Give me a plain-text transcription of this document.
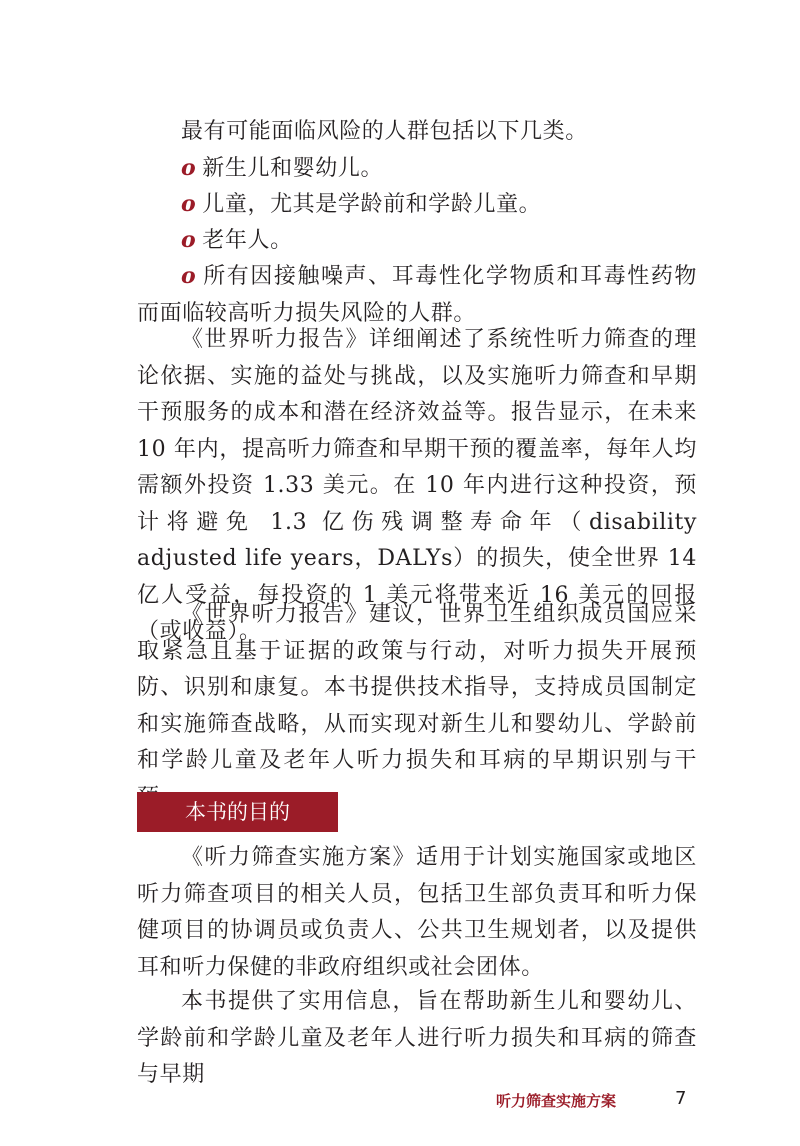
最有可能面临风险的人群包括以下几类。

o 新生儿和婴幼儿。

o 儿童，尤其是学龄前和学龄儿童。

o 老年人。

o 所有因接触噪声、耳毒性化学物质和耳毒性药物而面临较高听力损失风险的人群。

《世界听力报告》详细阐述了系统性听力筛查的理论依据、实施的益处与挑战，以及实施听力筛查和早期干预服务的成本和潜在经济效益等。报告显示，在未来 10 年内，提高听力筛查和早期干预的覆盖率，每年人均需额外投资 1.33 美元。在 10 年内进行这种投资，预计将避免 1.3 亿伤残调整寿命年（disability adjusted life years，DALYs）的损失，使全世界 14 亿人受益，每投资的 1 美元将带来近 16 美元的回报（或收益）。

《世界听力报告》建议，世界卫生组织成员国应采取紧急且基于证据的政策与行动，对听力损失开展预防、识别和康复。本书提供技术指导，支持成员国制定和实施筛查战略，从而实现对新生儿和婴幼儿、学龄前和学龄儿童及老年人听力损失和耳病的早期识别与干

本书的目的

《听力筛查实施方案》适用于计划实施国家或地区听力筛查项目的相关人员，包括卫生部负责耳和听力保健项目的协调员或负责人、公共卫生规划者，以及提供耳和听力保健的非政府组织或社会团体。

本书提供了实用信息，旨在帮助新生儿和婴幼儿、学龄前和学龄儿童及老年人进行听力损失和耳病的筛查与早期

听力筛查实施方案	7
